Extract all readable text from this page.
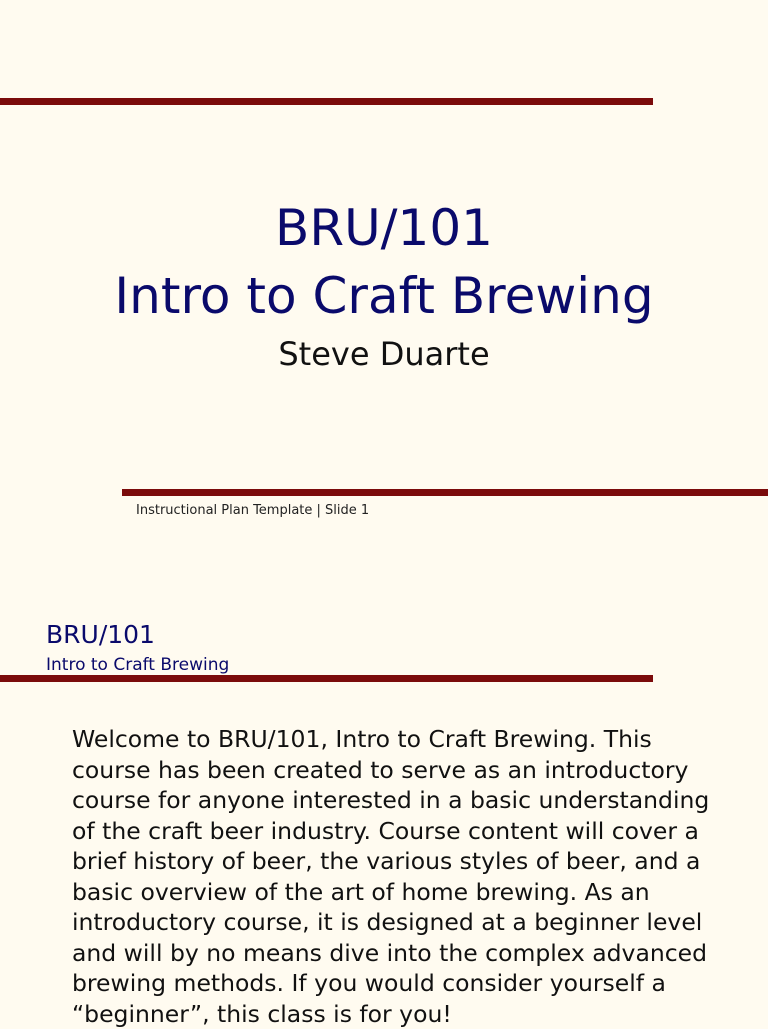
BRU/101
Intro to Craft Brewing
Steve Duarte
Instructional Plan Template | Slide 1
BRU/101
Intro to Craft Brewing
Welcome to BRU/101, Intro to Craft Brewing. This course has been created to serve as an introductory course for anyone interested in a basic understanding of the craft beer industry. Course content will cover a brief history of beer, the various styles of beer, and a basic overview of the art of home brewing. As an introductory course, it is designed at a beginner level and will by no means dive into the complex advanced brewing methods. If you would consider yourself a “beginner”, this class is for you!
